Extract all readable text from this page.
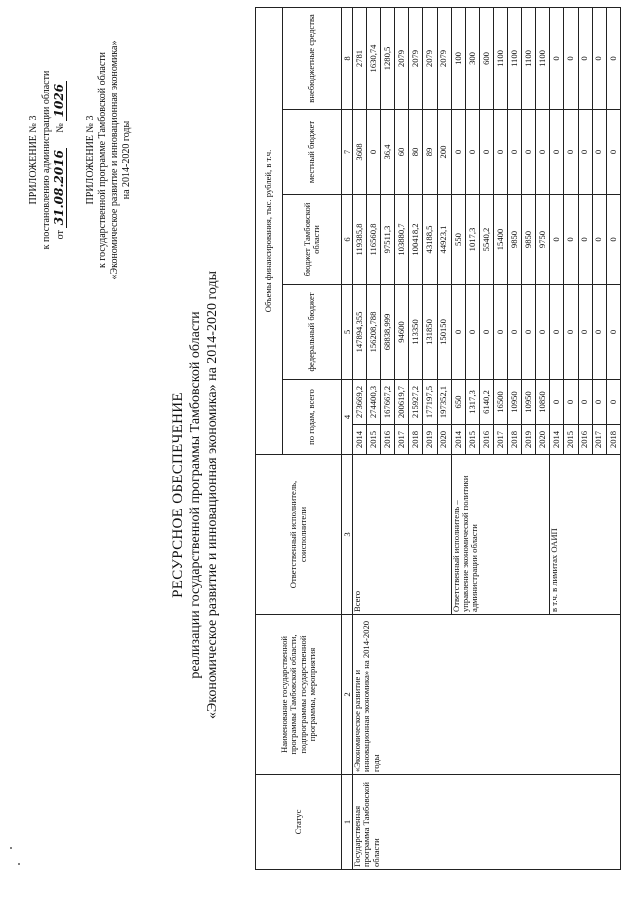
ПРИЛОЖЕНИЕ № 3 к постановлению администрации области от 31.08.2016      № 1026
ПРИЛОЖЕНИЕ № 3 к государственной программе Тамбовской области «Экономическое развитие и инновационная экономика» на 2014-2020 годы
РЕСУРСНОЕ ОБЕСПЕЧЕНИЕ реализации государственной программы Тамбовской области «Экономическое развитие и инновационная экономика» на 2014-2020 годы
Статус	Наименование государственной программы Тамбовской области, подпрограммы государственной программы, мероприятия	Ответственный исполнитель, соисполнители	Объемы финансирования, тыс. рублей, в т.ч.					
			по годам, всего		федеральный бюджет	бюджет Тамбовской области	местный бюджет	внебюджетные средства
1	2	3	4		5	6	7	8
Государственная программа Тамбовской области	«Экономическое развитие и инновационная экономика» на 2014-2020 годы	Всего	2014	273669,2	147894,355	119385,8	3608	2781
			2015	274400,3	156208,788	116560,8	0	1630,74
			2016	167667,2	68838,999	97511,3	36,4	1280,5
			2017	200619,7	94600	103880,7	60	2079
			2018	215927,2	113350	100418,2	80	2079
			2019	177197,5	131850	43188,5	89	2079
			2020	197352,1	150150	44923,1	200	2079
		Ответственный исполнитель – управление экономической политики администрации области	2014	650	0	550	0	100
			2015	1317,3	0	1017,3	0	300
			2016	6140,2	0	5540,2	0	600
			2017	16500	0	15400	0	1100
			2018	10950	0	9850	0	1100
			2019	10950	0	9850	0	1100
			2020	10850	0	9750	0	1100
		в т.ч. в лимитах ОАИП	2014	0	0	0	0	0
			2015	0	0	0	0	0
			2016	0	0	0	0	0
			2017	0	0	0	0	0
			2018	0	0	0	0	0
